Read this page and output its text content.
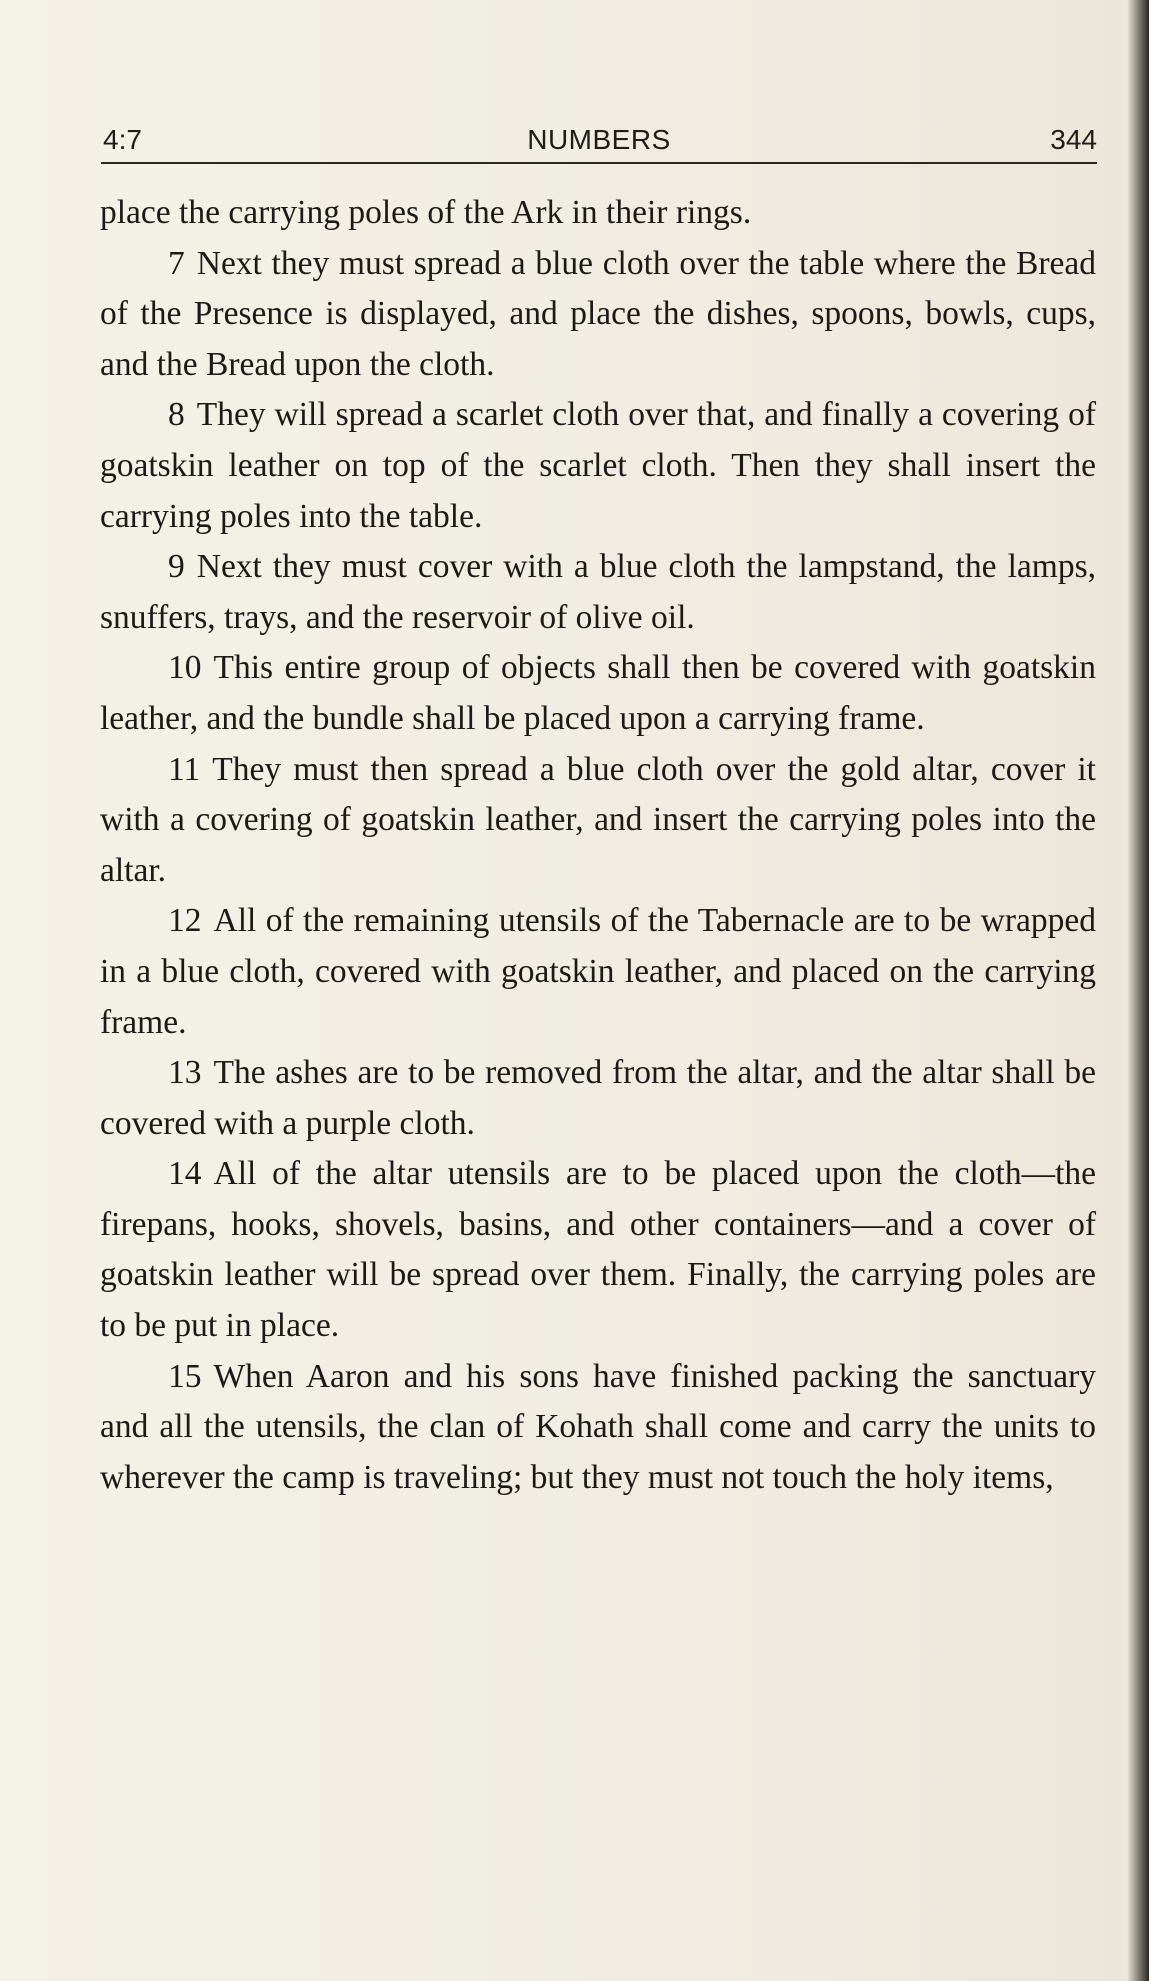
4:7	NUMBERS	344

place the carrying poles of the Ark in their rings.

7 Next they must spread a blue cloth over the table where the Bread of the Presence is displayed, and place the dishes, spoons, bowls, cups, and the Bread upon the cloth.

8 They will spread a scarlet cloth over that, and finally a covering of goatskin leather on top of the scarlet cloth. Then they shall insert the carrying poles into the table.

9 Next they must cover with a blue cloth the lampstand, the lamps, snuffers, trays, and the reservoir of olive oil.

10 This entire group of objects shall then be covered with goatskin leather, and the bundle shall be placed upon a carrying frame.

11 They must then spread a blue cloth over the gold altar, cover it with a covering of goatskin leather, and insert the carrying poles into the altar.

12 All of the remaining utensils of the Tabernacle are to be wrapped in a blue cloth, covered with goatskin leather, and placed on the carrying frame.

13 The ashes are to be removed from the altar, and the altar shall be covered with a purple cloth.

14 All of the altar utensils are to be placed upon the cloth—the firepans, hooks, shovels, basins, and other containers—and a cover of goatskin leather will be spread over them. Finally, the carrying poles are to be put in place.

15 When Aaron and his sons have finished packing the sanctuary and all the utensils, the clan of Kohath shall come and carry the units to wherever the camp is traveling; but they must not touch the holy items,
